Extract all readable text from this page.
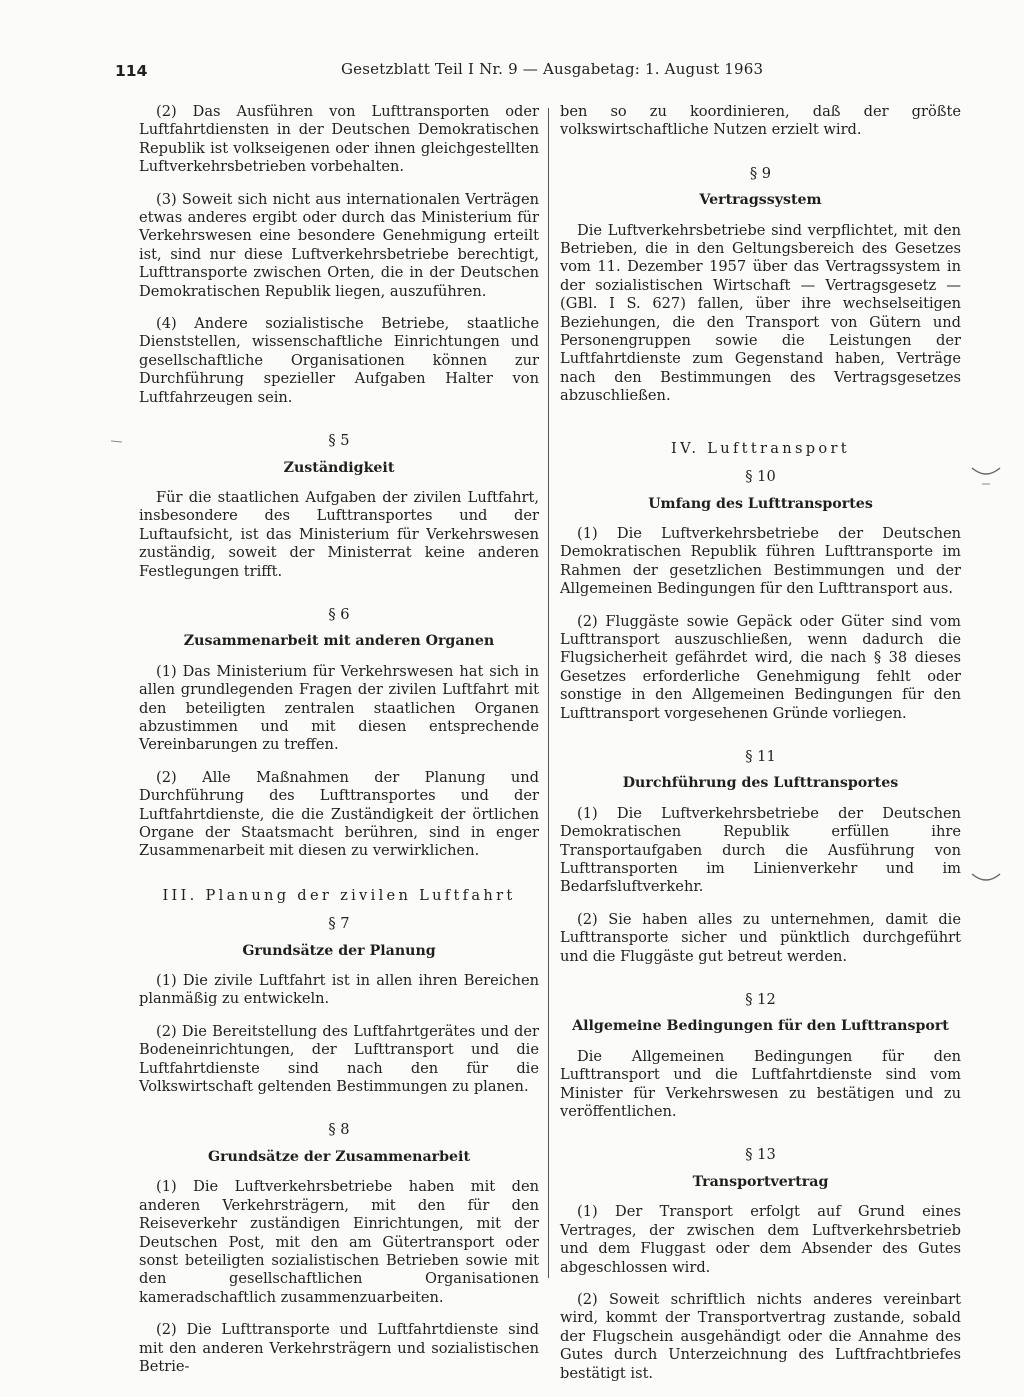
114	Gesetzblatt Teil I Nr. 9 — Ausgabetag: 1. August 1963

(2) Das Ausführen von Lufttransporten oder Luftfahrtdiensten in der Deutschen Demokratischen Republik ist volkseigenen oder ihnen gleichgestellten Luftverkehrsbetrieben vorbehalten.

(3) Soweit sich nicht aus internationalen Verträgen etwas anderes ergibt oder durch das Ministerium für Verkehrswesen eine besondere Genehmigung erteilt ist, sind nur diese Luftverkehrsbetriebe berechtigt, Lufttransporte zwischen Orten, die in der Deutschen Demokratischen Republik liegen, auszuführen.

(4) Andere sozialistische Betriebe, staatliche Dienststellen, wissenschaftliche Einrichtungen und gesellschaftliche Organisationen können zur Durchführung spezieller Aufgaben Halter von Luftfahrzeugen sein.

§ 5
Zuständigkeit

Für die staatlichen Aufgaben der zivilen Luftfahrt, insbesondere des Lufttransportes und der Luftaufsicht, ist das Ministerium für Verkehrswesen zuständig, soweit der Ministerrat keine anderen Festlegungen trifft.

§ 6
Zusammenarbeit mit anderen Organen

(1) Das Ministerium für Verkehrswesen hat sich in allen grundlegenden Fragen der zivilen Luftfahrt mit den beteiligten zentralen staatlichen Organen abzustimmen und mit diesen entsprechende Vereinbarungen zu treffen.

(2) Alle Maßnahmen der Planung und Durchführung des Lufttransportes und der Luftfahrtdienste, die die Zuständigkeit der örtlichen Organe der Staatsmacht berühren, sind in enger Zusammenarbeit mit diesen zu verwirklichen.

III. Planung der zivilen Luftfahrt
§ 7
Grundsätze der Planung

(1) Die zivile Luftfahrt ist in allen ihren Bereichen planmäßig zu entwickeln.

(2) Die Bereitstellung des Luftfahrtgerätes und der Bodeneinrichtungen, der Lufttransport und die Luftfahrtdienste sind nach den für die Volkswirtschaft geltenden Bestimmungen zu planen.

§ 8
Grundsätze der Zusammenarbeit

(1) Die Luftverkehrsbetriebe haben mit den anderen Verkehrsträgern, mit den für den Reiseverkehr zuständigen Einrichtungen, mit der Deutschen Post, mit den am Gütertransport oder sonst beteiligten sozialistischen Betrieben sowie mit den gesellschaftlichen Organisationen kameradschaftlich zusammenzuarbeiten.

(2) Die Lufttransporte und Luftfahrtdienste sind mit den anderen Verkehrsträgern und sozialistischen Betrie-

ben so zu koordinieren, daß der größte volkswirtschaftliche Nutzen erzielt wird.

§ 9
Vertragssystem

Die Luftverkehrsbetriebe sind verpflichtet, mit den Betrieben, die in den Geltungsbereich des Gesetzes vom 11. Dezember 1957 über das Vertragssystem in der sozialistischen Wirtschaft — Vertragsgesetz — (GBl. I S. 627) fallen, über ihre wechselseitigen Beziehungen, die den Transport von Gütern und Personengruppen sowie die Leistungen der Luftfahrtdienste zum Gegenstand haben, Verträge nach den Bestimmungen des Vertragsgesetzes abzuschließen.

IV. Lufttransport
§ 10
Umfang des Lufttransportes

(1) Die Luftverkehrsbetriebe der Deutschen Demokratischen Republik führen Lufttransporte im Rahmen der gesetzlichen Bestimmungen und der Allgemeinen Bedingungen für den Lufttransport aus.

(2) Fluggäste sowie Gepäck oder Güter sind vom Lufttransport auszuschließen, wenn dadurch die Flugsicherheit gefährdet wird, die nach § 38 dieses Gesetzes erforderliche Genehmigung fehlt oder sonstige in den Allgemeinen Bedingungen für den Lufttransport vorgesehenen Gründe vorliegen.

§ 11
Durchführung des Lufttransportes

(1) Die Luftverkehrsbetriebe der Deutschen Demokratischen Republik erfüllen ihre Transportaufgaben durch die Ausführung von Lufttransporten im Linienverkehr und im Bedarfsluftverkehr.

(2) Sie haben alles zu unternehmen, damit die Lufttransporte sicher und pünktlich durchgeführt und die Fluggäste gut betreut werden.

§ 12
Allgemeine Bedingungen für den Lufttransport

Die Allgemeinen Bedingungen für den Lufttransport und die Luftfahrtdienste sind vom Minister für Verkehrswesen zu bestätigen und zu veröffentlichen.

§ 13
Transportvertrag

(1) Der Transport erfolgt auf Grund eines Vertrages, der zwischen dem Luftverkehrsbetrieb und dem Fluggast oder dem Absender des Gutes abgeschlossen wird.

(2) Soweit schriftlich nichts anderes vereinbart wird, kommt der Transportvertrag zustande, sobald der Flugschein ausgehändigt oder die Annahme des Gutes durch Unterzeichnung des Luftfrachtbriefes bestätigt ist.
